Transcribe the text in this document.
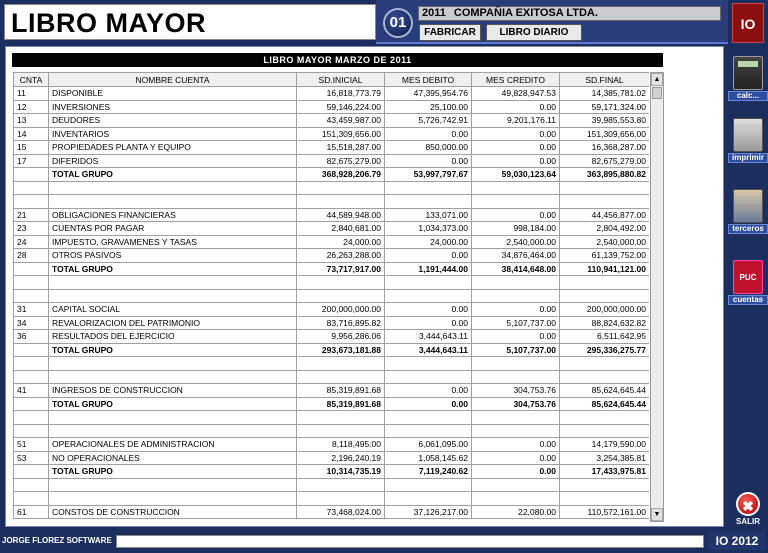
LIBRO MAYOR	01
2011 COMPAÑIA EXITOSA LTDA.
FABRICAR	LIBRO DIARIO
IO
LIBRO MAYOR MARZO DE 2011
CNTA	NOMBRE CUENTA	SD.INICIAL	MES DEBITO	MES CREDITO	SD.FINAL
11	DISPONIBLE	16,818,773.79	47,395,954.76	49,828,947.53	14,385,781.02
12	INVERSIONES	59,146,224.00	25,100.00	0.00	59,171,324.00
13	DEUDORES	43,459,987.00	5,726,742.91	9,201,176.11	39,985,553.80
14	INVENTARIOS	151,309,656.00	0.00	0.00	151,309,656.00
15	PROPIEDADES PLANTA Y EQUIPO	15,518,287.00	850,000.00	0.00	16,368,287.00
17	DIFERIDOS	82,675,279.00	0.00	0.00	82,675,279.00
	TOTAL GRUPO	368,928,206.79	53,997,797.67	59,030,123.64	363,895,880.82

21	OBLIGACIONES FINANCIERAS	44,589,948.00	133,071.00	0.00	44,456,877.00
23	CUENTAS POR PAGAR	2,840,681.00	1,034,373.00	998,184.00	2,804,492.00
24	IMPUESTO, GRAVAMENES Y TASAS	24,000.00	24,000.00	2,540,000.00	2,540,000.00
28	OTROS PASIVOS	26,263,288.00	0.00	34,876,464.00	61,139,752.00
	TOTAL GRUPO	73,717,917.00	1,191,444.00	38,414,648.00	110,941,121.00

31	CAPITAL SOCIAL	200,000,000.00	0.00	0.00	200,000,000.00
34	REVALORIZACION DEL PATRIMONIO	83,716,895.82	0.00	5,107,737.00	88,824,632.82
36	RESULTADOS DEL EJERCICIO	9,956,286.06	3,444,643.11	0.00	6,511,642.95
	TOTAL GRUPO	293,673,181.88	3,444,643.11	5,107,737.00	295,336,275.77

41	INGRESOS DE CONSTRUCCION	85,319,891.68	0.00	304,753.76	85,624,645.44
	TOTAL GRUPO	85,319,891.68	0.00	304,753.76	85,624,645.44

51	OPERACIONALES DE ADMINISTRACION	8,118,495.00	6,061,095.00	0.00	14,179,590.00
53	NO OPERACIONALES	2,196,240.19	1,058,145.62	0.00	3,254,385.81
	TOTAL GRUPO	10,314,735.19	7,119,240.62	0.00	17,433,975.81

61	CONSTOS DE CONSTRUCCION	73,468,024.00	37,126,217.00	22,080.00	110,572,161.00
▲
▼
calc...
imprimir
terceros
PUC
cuentas
✖
SALIR
JORGE FLOREZ SOFTWARE	IO 2012
